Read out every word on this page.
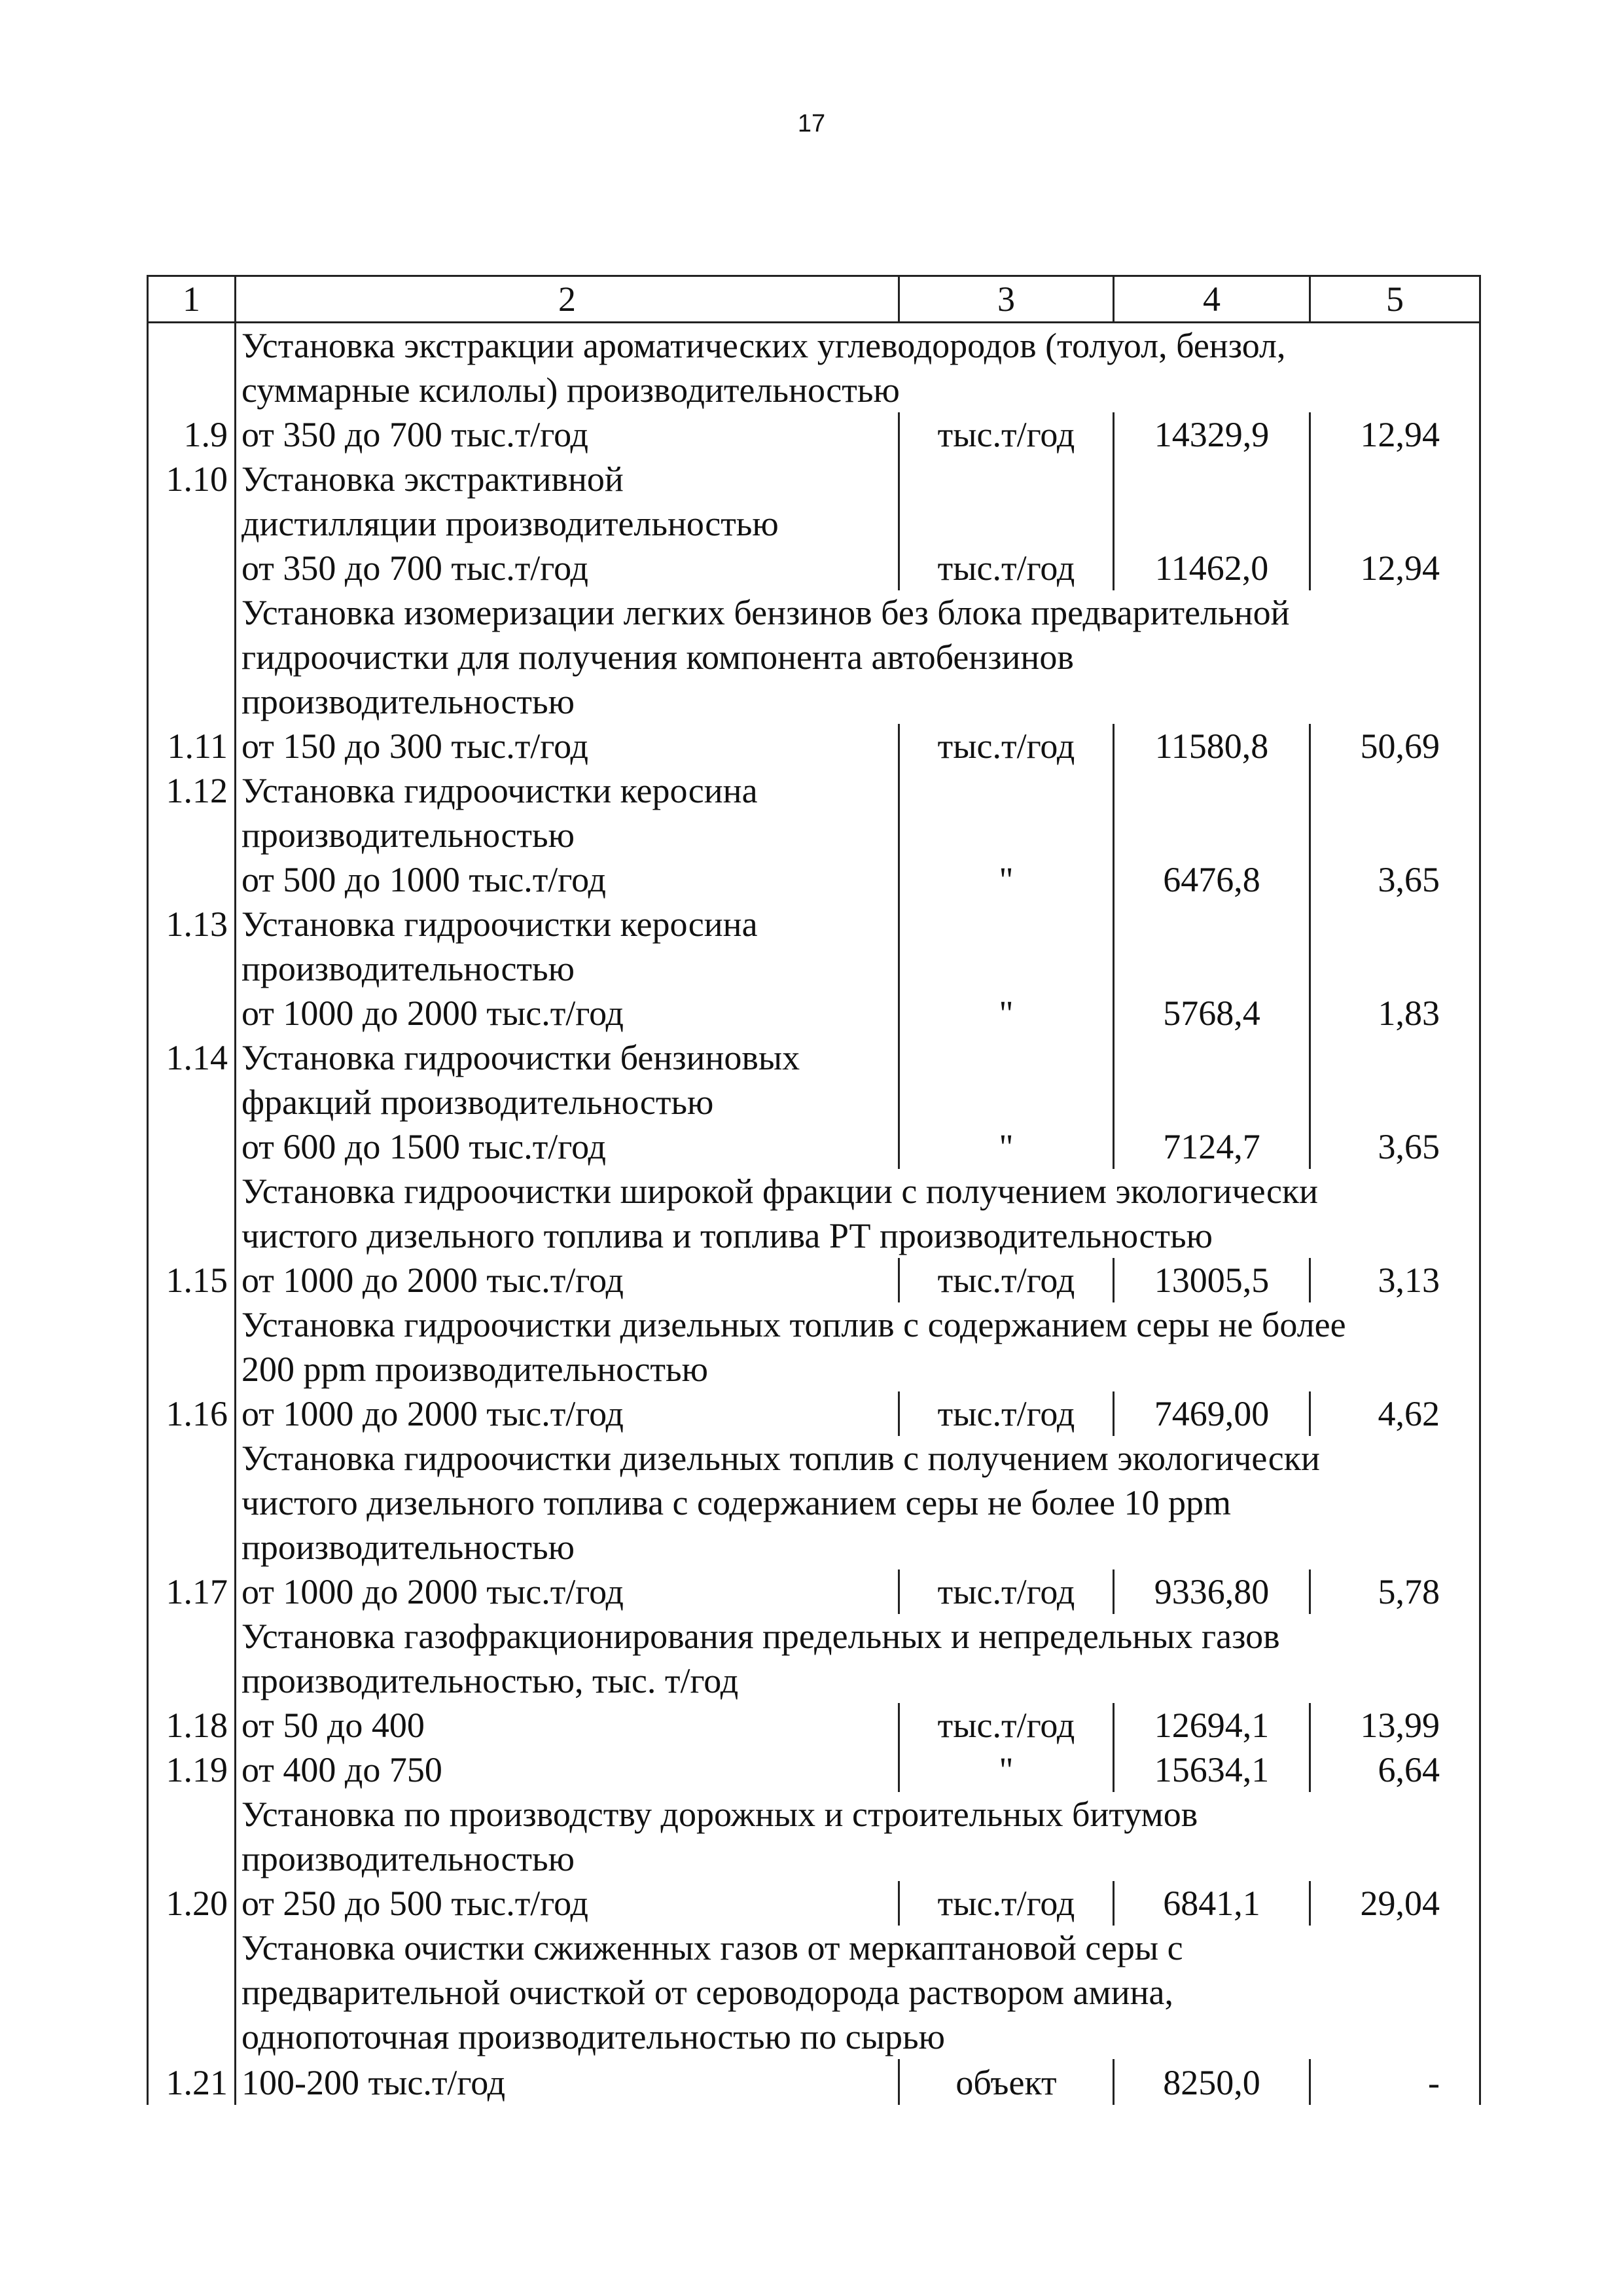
17
1	2	3	4	5
	Установка экстракции ароматических углеводородов (толуол, бензол,			
	суммарные ксилолы) производительностью			
1.9	от 350 до 700 тыс.т/год	тыс.т/год	14329,9	12,94
1.10	Установка экстрактивной			
	дистилляции производительностью			
	от 350 до 700 тыс.т/год	тыс.т/год	11462,0	12,94
	Установка изомеризации легких бензинов без блока предварительной			
	гидроочистки для получения компонента автобензинов			
	производительностью			
1.11	от 150 до 300 тыс.т/год	тыс.т/год	11580,8	50,69
1.12	Установка гидроочистки керосина			
	производительностью			
	от 500 до 1000 тыс.т/год	"	6476,8	3,65
1.13	Установка гидроочистки керосина			
	производительностью			
	от 1000 до 2000 тыс.т/год	"	5768,4	1,83
1.14	Установка гидроочистки бензиновых			
	фракций производительностью			
	от 600 до 1500 тыс.т/год	"	7124,7	3,65
	Установка гидроочистки широкой фракции с получением экологически			
	чистого дизельного топлива и топлива РТ производительностью			
1.15	от 1000 до 2000 тыс.т/год	тыс.т/год	13005,5	3,13
	Установка гидроочистки дизельных топлив с содержанием серы не более			
	200 ppm производительностью			
1.16	от 1000 до 2000 тыс.т/год	тыс.т/год	7469,00	4,62
	Установка гидроочистки дизельных топлив с получением экологически			
	чистого дизельного топлива с содержанием серы не более 10 ppm			
	производительностью			
1.17	от 1000 до 2000 тыс.т/год	тыс.т/год	9336,80	5,78
	Установка газофракционирования предельных и непредельных газов			
	производительностью, тыс. т/год			
1.18	от 50 до 400	тыс.т/год	12694,1	13,99
1.19	от 400 до 750	"	15634,1	6,64
	Установка по производству дорожных и строительных битумов			
	производительностью			
1.20	от 250 до 500 тыс.т/год	тыс.т/год	6841,1	29,04
	Установка очистки сжиженных газов от меркаптановой серы с			
	предварительной очисткой от сероводорода раствором амина,			
	однопоточная производительностью по сырью			
1.21	100-200 тыс.т/год	объект	8250,0	-
